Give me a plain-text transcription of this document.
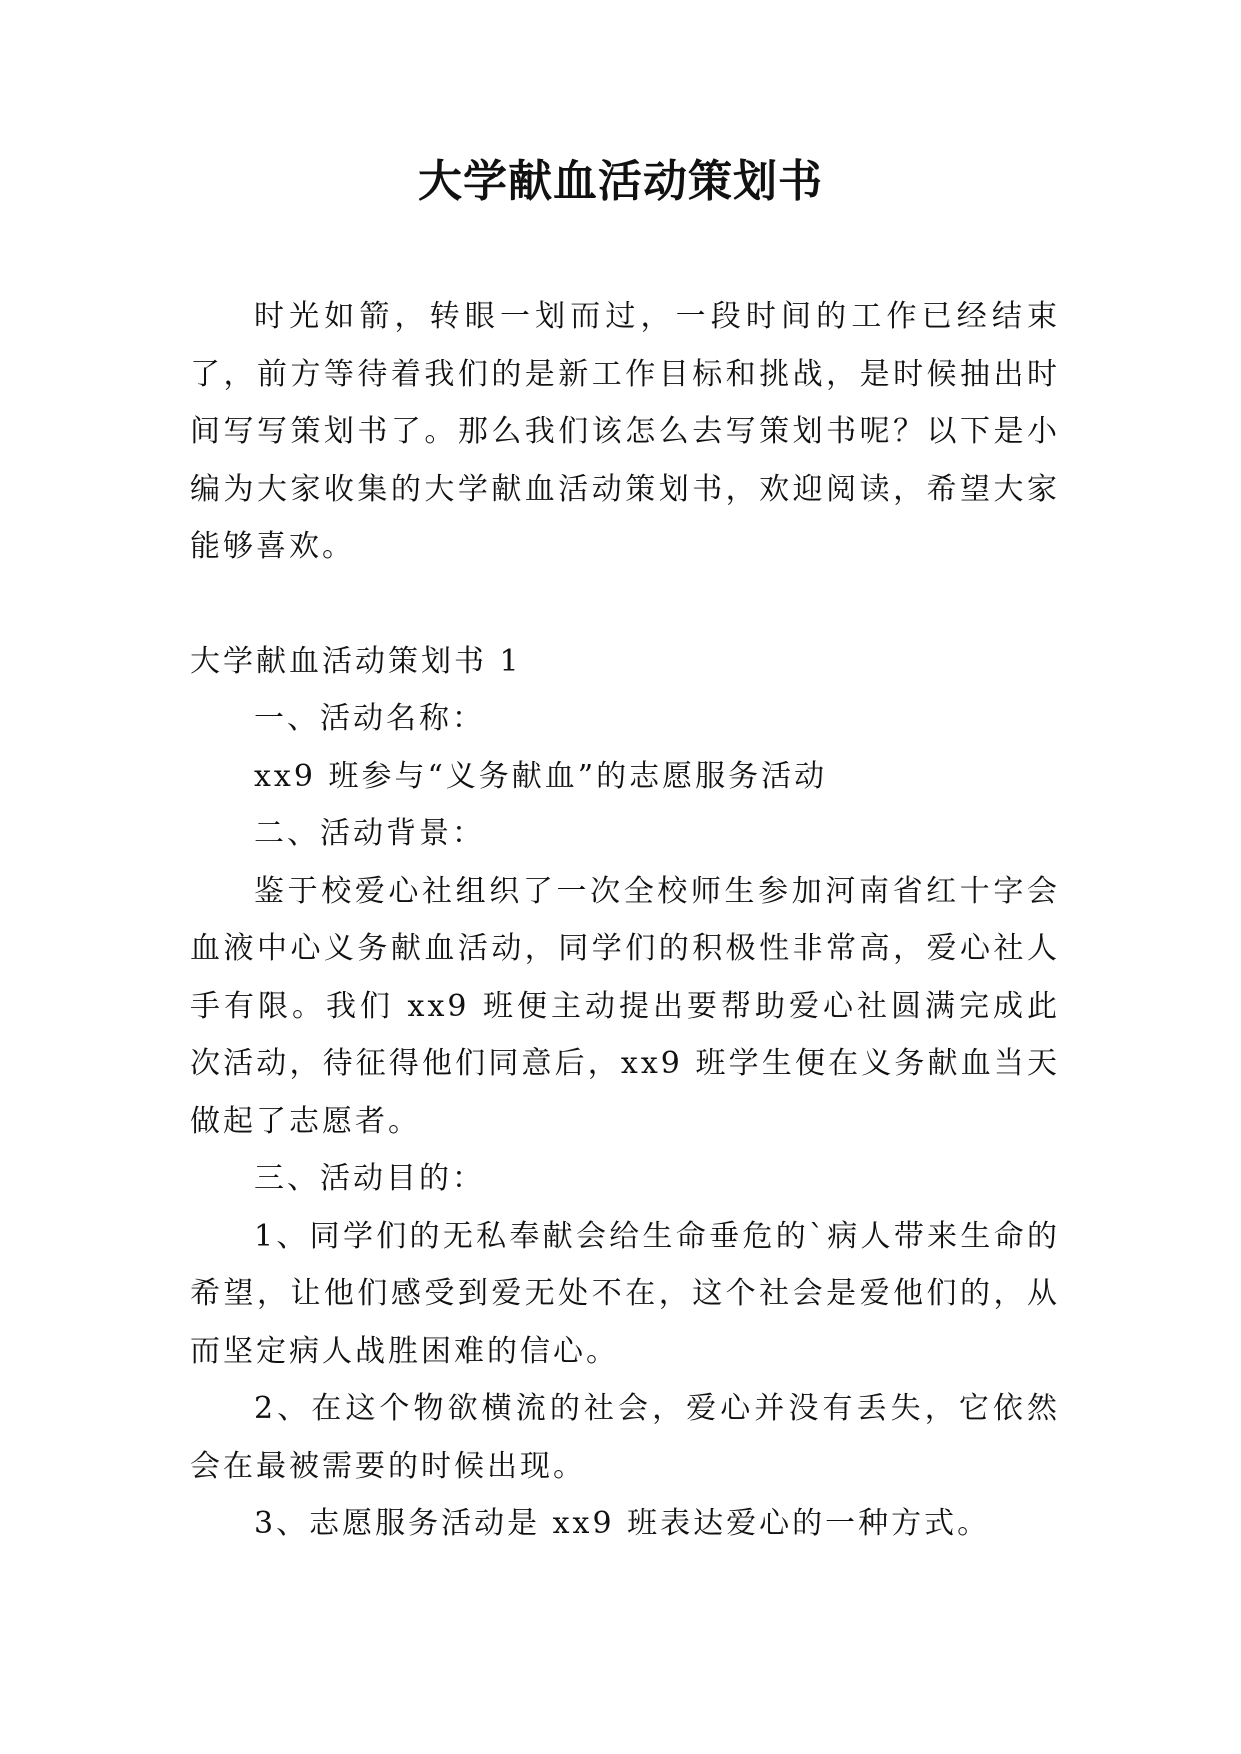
大学献血活动策划书

时光如箭，转眼一划而过，一段时间的工作已经结束了，前方等待着我们的是新工作目标和挑战，是时候抽出时间写写策划书了。那么我们该怎么去写策划书呢？以下是小编为大家收集的大学献血活动策划书，欢迎阅读，希望大家能够喜欢。

大学献血活动策划书 1

一、活动名称：

xx9 班参与“义务献血”的志愿服务活动

二、活动背景：

鉴于校爱心社组织了一次全校师生参加河南省红十字会血液中心义务献血活动，同学们的积极性非常高，爱心社人手有限。我们 xx9 班便主动提出要帮助爱心社圆满完成此次活动，待征得他们同意后，xx9 班学生便在义务献血当天做起了志愿者。

三、活动目的：

1、同学们的无私奉献会给生命垂危的`病人带来生命的希望，让他们感受到爱无处不在，这个社会是爱他们的，从而坚定病人战胜困难的信心。

2、在这个物欲横流的社会，爱心并没有丢失，它依然会在最被需要的时候出现。

3、志愿服务活动是 xx9 班表达爱心的一种方式。
